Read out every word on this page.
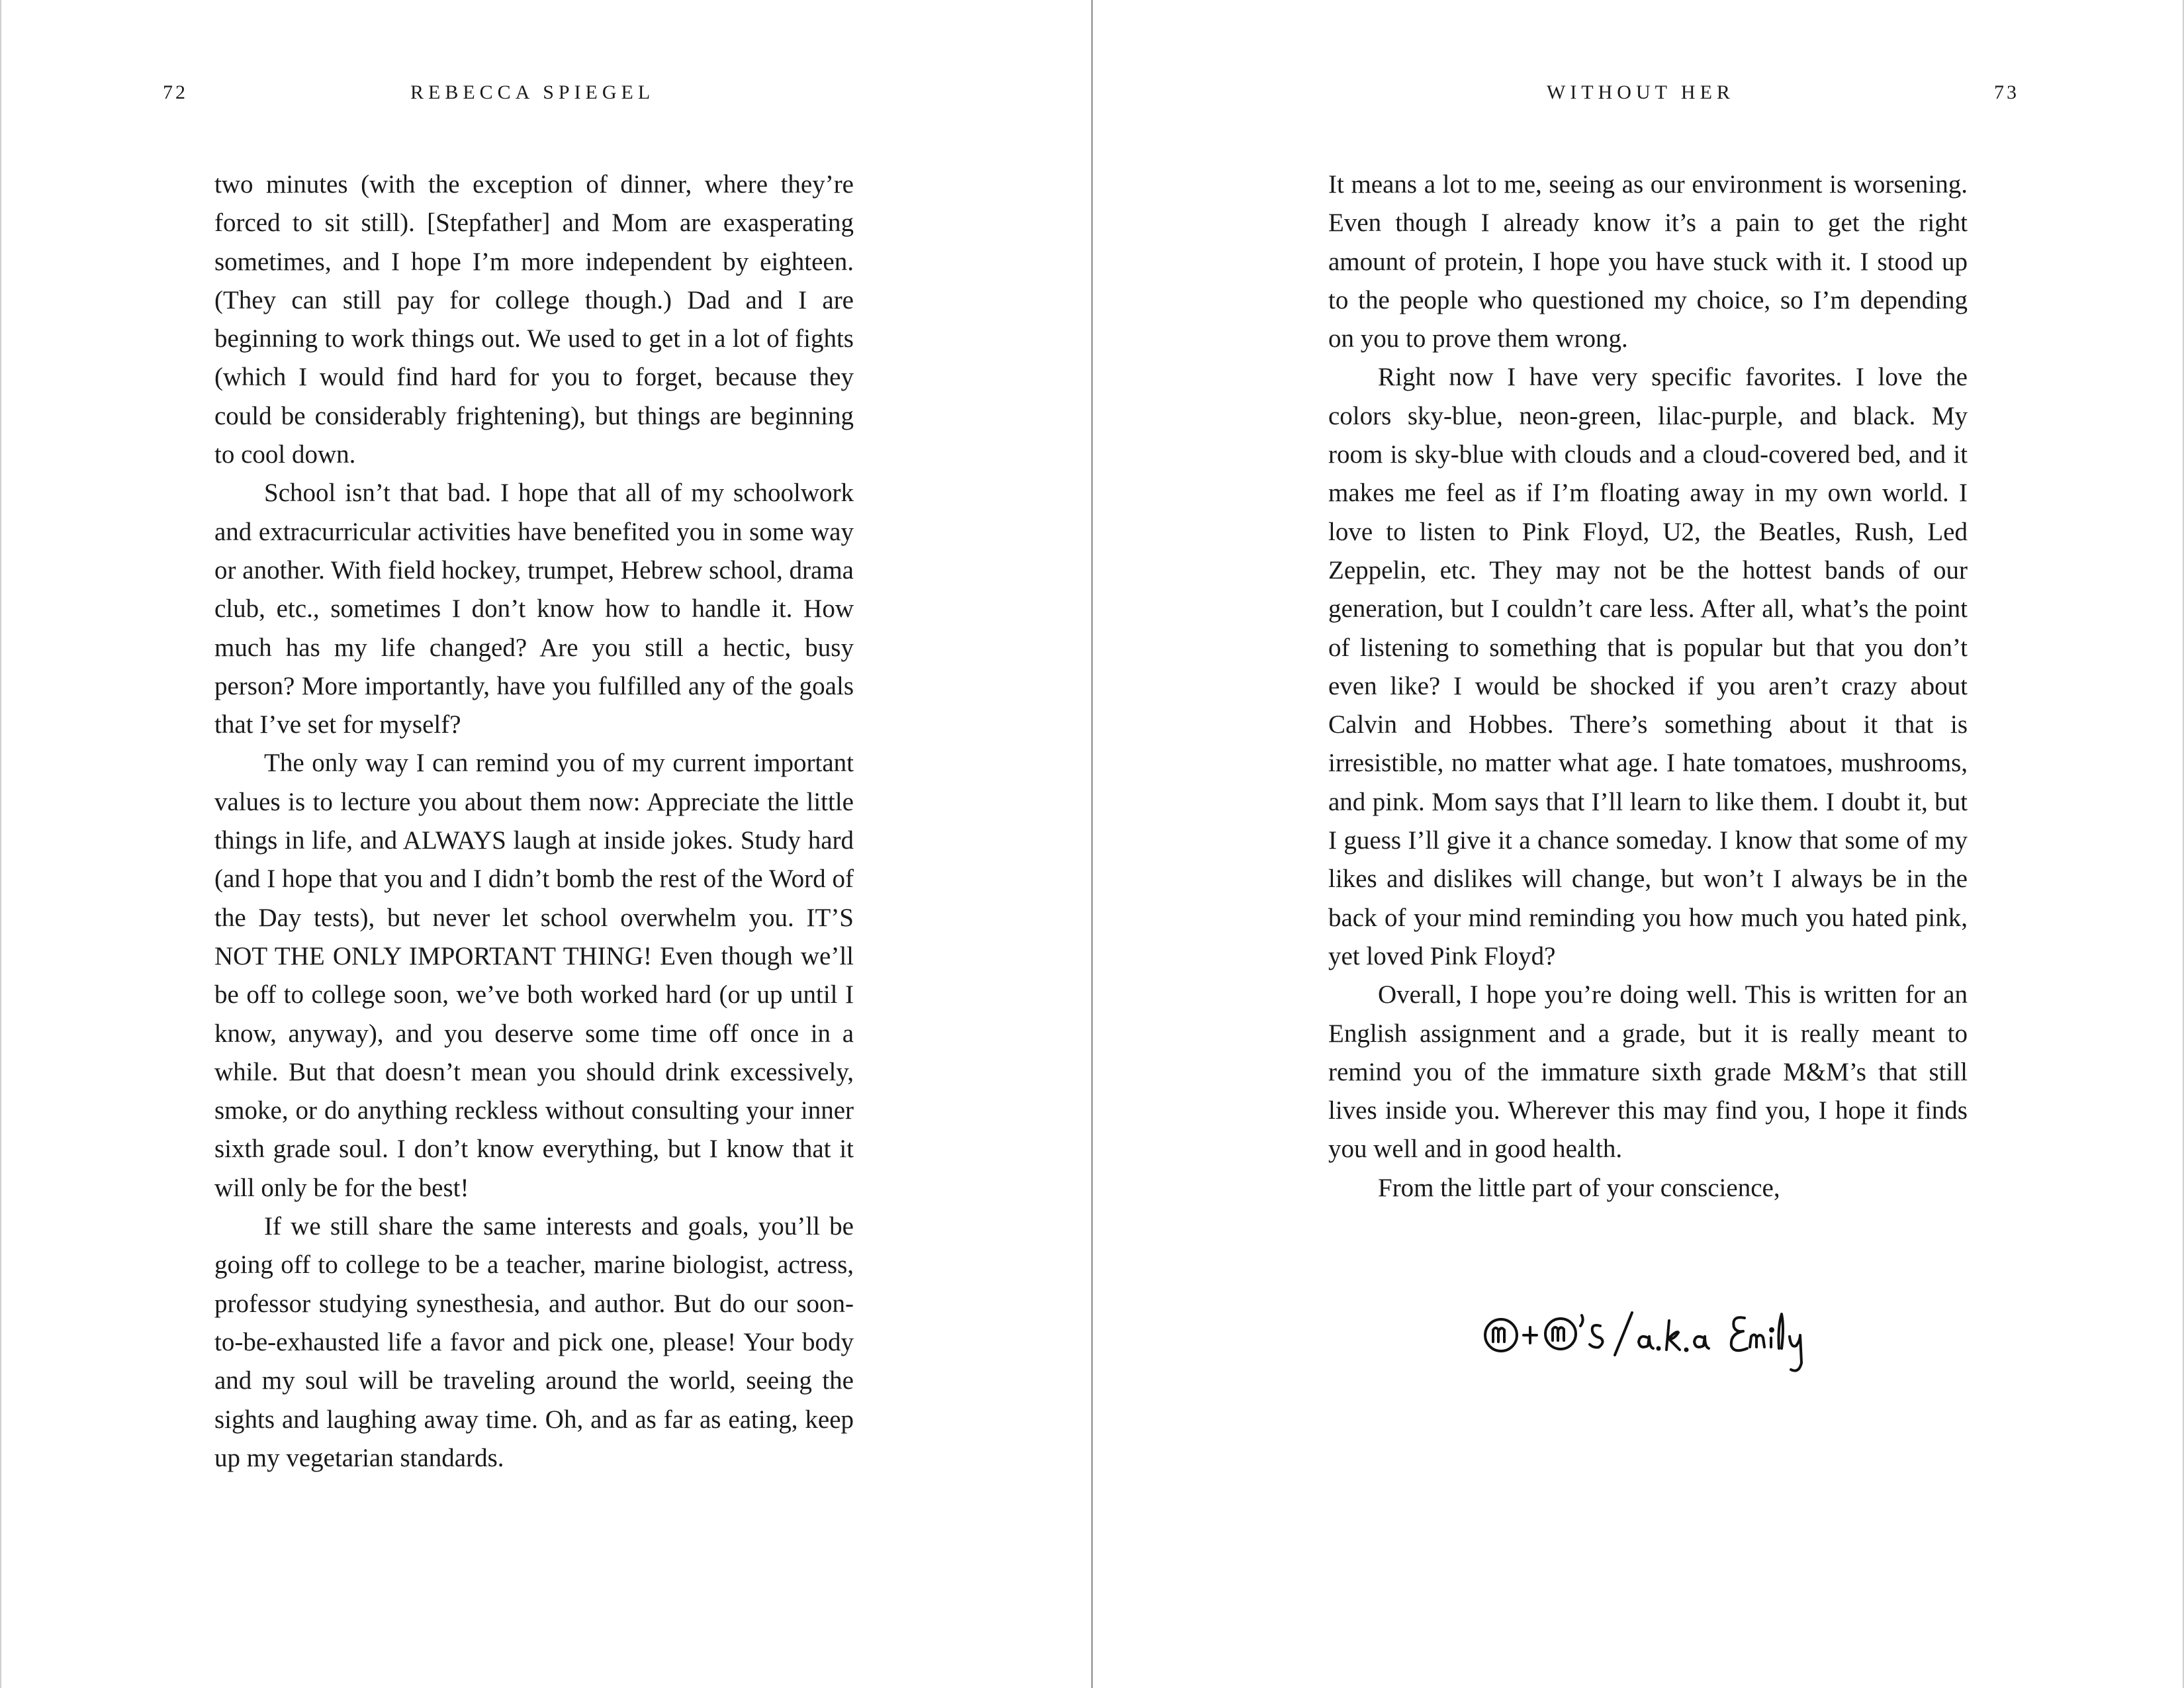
72	REBECCA SPIEGEL

two minutes (with the exception of dinner, where they’re forced to sit still). [Stepfather] and Mom are exasperating sometimes, and I hope I’m more independent by eighteen. (They can still pay for college though.) Dad and I are beginning to work things out. We used to get in a lot of fights (which I would find hard for you to forget, because they could be considerably frightening), but things are beginning to cool down.

School isn’t that bad. I hope that all of my schoolwork and extracurricular activities have benefited you in some way or another. With field hockey, trumpet, Hebrew school, drama club, etc., sometimes I don’t know how to handle it. How much has my life changed? Are you still a hectic, busy person? More importantly, have you fulfilled any of the goals that I’ve set for myself?

The only way I can remind you of my current important values is to lecture you about them now: Appreciate the little things in life, and ALWAYS laugh at inside jokes. Study hard (and I hope that you and I didn’t bomb the rest of the Word of the Day tests), but never let school overwhelm you. IT’S NOT THE ONLY IMPORTANT THING! Even though we’ll be off to college soon, we’ve both worked hard (or up until I know, anyway), and you deserve some time off once in a while. But that doesn’t mean you should drink excessively, smoke, or do anything reckless without consulting your inner sixth grade soul. I don’t know everything, but I know that it will only be for the best!

If we still share the same interests and goals, you’ll be going off to college to be a teacher, marine biologist, actress, professor studying synesthesia, and author. But do our soon-to-be-exhausted life a favor and pick one, please! Your body and my soul will be traveling around the world, seeing the sights and laughing away time. Oh, and as far as eating, keep up my vegetarian standards.

WITHOUT HER	73

It means a lot to me, seeing as our environment is worsening. Even though I already know it’s a pain to get the right amount of protein, I hope you have stuck with it. I stood up to the people who questioned my choice, so I’m depending on you to prove them wrong.

Right now I have very specific favorites. I love the colors sky-blue, neon-green, lilac-purple, and black. My room is sky-blue with clouds and a cloud-covered bed, and it makes me feel as if I’m floating away in my own world. I love to listen to Pink Floyd, U2, the Beatles, Rush, Led Zeppelin, etc. They may not be the hottest bands of our generation, but I couldn’t care less. After all, what’s the point of listening to something that is popular but that you don’t even like? I would be shocked if you aren’t crazy about Calvin and Hobbes. There’s something about it that is irresistible, no matter what age. I hate tomatoes, mushrooms, and pink. Mom says that I’ll learn to like them. I doubt it, but I guess I’ll give it a chance someday. I know that some of my likes and dislikes will change, but won’t I always be in the back of your mind reminding you how much you hated pink, yet loved Pink Floyd?

Overall, I hope you’re doing well. This is written for an English assignment and a grade, but it is really meant to remind you of the immature sixth grade M&M’s that still lives inside you. Wherever this may find you, I hope it finds you well and in good health.

From the little part of your conscience,
